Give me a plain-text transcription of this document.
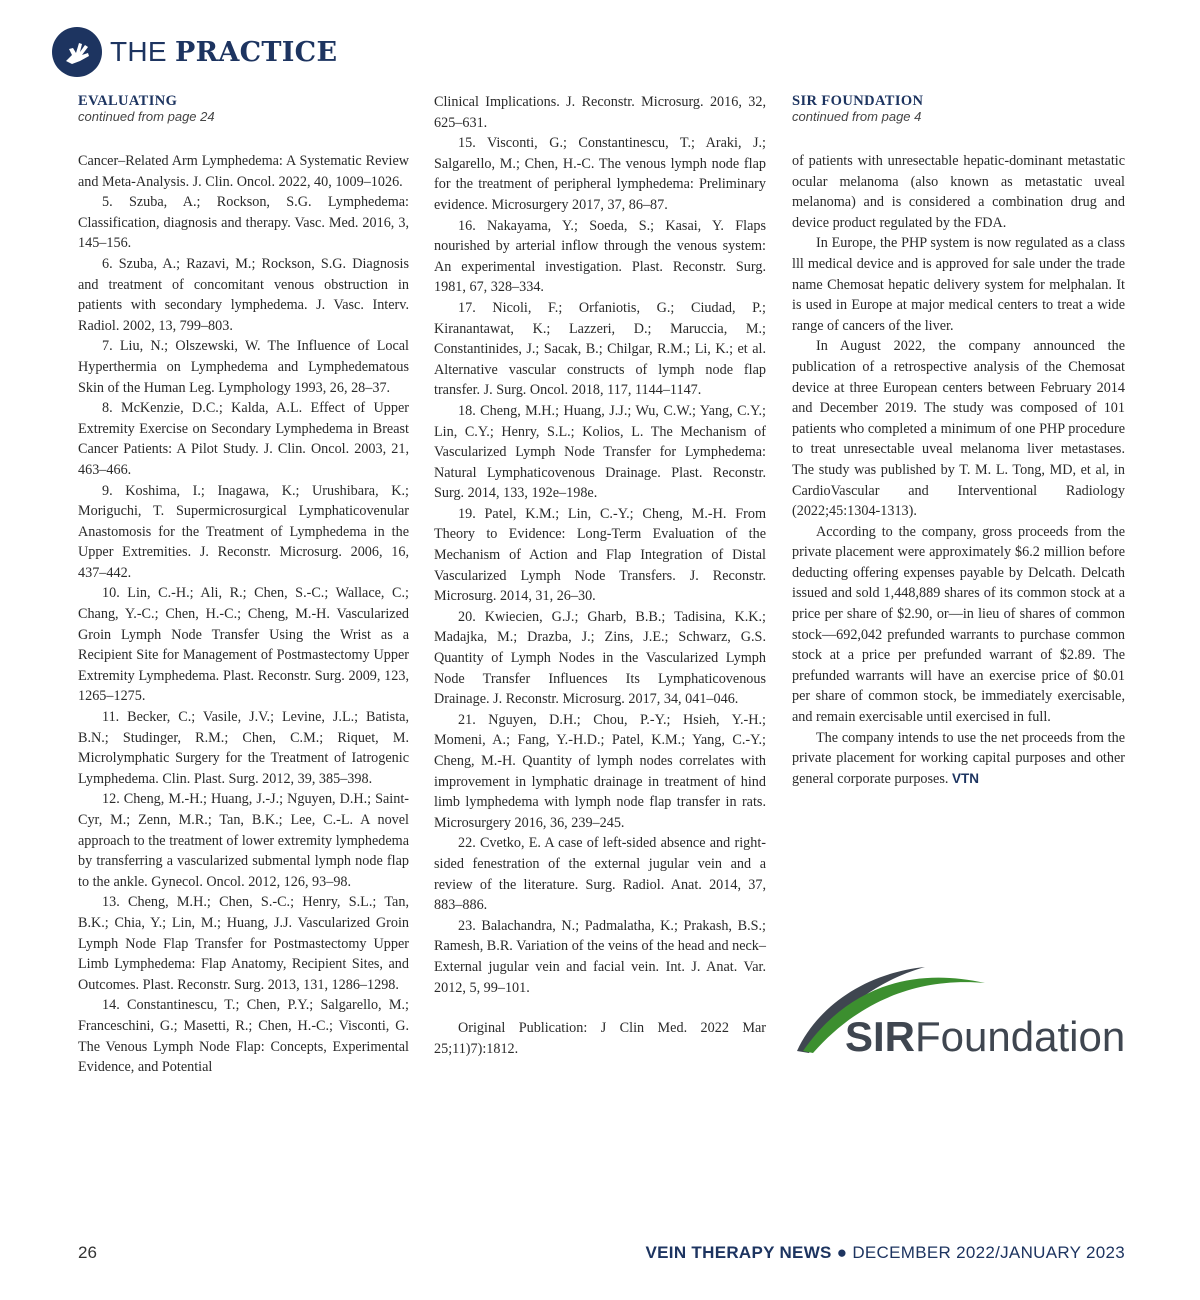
THE PRACTICE
EVALUATING
continued from page 24

Cancer–Related Arm Lymphedema: A Systematic Review and Meta-Analysis. J. Clin. Oncol. 2022, 40, 1009–1026.

5. Szuba, A.; Rockson, S.G. Lymphedema: Classification, diagnosis and therapy. Vasc. Med. 2016, 3, 145–156.

6. Szuba, A.; Razavi, M.; Rockson, S.G. Diagnosis and treatment of concomitant venous obstruction in patients with secondary lymphedema. J. Vasc. Interv. Radiol. 2002, 13, 799–803.

7. Liu, N.; Olszewski, W. The Influence of Local Hyperthermia on Lymphedema and Lymphedematous Skin of the Human Leg. Lymphology 1993, 26, 28–37.

8. McKenzie, D.C.; Kalda, A.L. Effect of Upper Extremity Exercise on Secondary Lymphedema in Breast Cancer Patients: A Pilot Study. J. Clin. Oncol. 2003, 21, 463–466.

9. Koshima, I.; Inagawa, K.; Urushibara, K.; Moriguchi, T. Supermicrosurgical Lymphaticovenular Anastomosis for the Treatment of Lymphedema in the Upper Extremities. J. Reconstr. Microsurg. 2006, 16, 437–442.

10. Lin, C.-H.; Ali, R.; Chen, S.-C.; Wallace, C.; Chang, Y.-C.; Chen, H.-C.; Cheng, M.-H. Vascularized Groin Lymph Node Transfer Using the Wrist as a Recipient Site for Management of Postmastectomy Upper Extremity Lymphedema. Plast. Reconstr. Surg. 2009, 123, 1265–1275.

11. Becker, C.; Vasile, J.V.; Levine, J.L.; Batista, B.N.; Studinger, R.M.; Chen, C.M.; Riquet, M. Microlymphatic Surgery for the Treatment of Iatrogenic Lymphedema. Clin. Plast. Surg. 2012, 39, 385–398.

12. Cheng, M.-H.; Huang, J.-J.; Nguyen, D.H.; Saint-Cyr, M.; Zenn, M.R.; Tan, B.K.; Lee, C.-L. A novel approach to the treatment of lower extremity lymphedema by transferring a vascularized submental lymph node flap to the ankle. Gynecol. Oncol. 2012, 126, 93–98.

13. Cheng, M.H.; Chen, S.-C.; Henry, S.L.; Tan, B.K.; Chia, Y.; Lin, M.; Huang, J.J. Vascularized Groin Lymph Node Flap Transfer for Postmastectomy Upper Limb Lymphedema: Flap Anatomy, Recipient Sites, and Outcomes. Plast. Reconstr. Surg. 2013, 131, 1286–1298.

14. Constantinescu, T.; Chen, P.Y.; Salgarello, M.; Franceschini, G.; Masetti, R.; Chen, H.-C.; Visconti, G. The Venous Lymph Node Flap: Concepts, Experimental Evidence, and Potential

Clinical Implications. J. Reconstr. Microsurg. 2016, 32, 625–631.

15. Visconti, G.; Constantinescu, T.; Araki, J.; Salgarello, M.; Chen, H.-C. The venous lymph node flap for the treatment of peripheral lymphedema: Preliminary evidence. Microsurgery 2017, 37, 86–87.

16. Nakayama, Y.; Soeda, S.; Kasai, Y. Flaps nourished by arterial inflow through the venous system: An experimental investigation. Plast. Reconstr. Surg. 1981, 67, 328–334.

17. Nicoli, F.; Orfaniotis, G.; Ciudad, P.; Kiranantawat, K.; Lazzeri, D.; Maruccia, M.; Constantinides, J.; Sacak, B.; Chilgar, R.M.; Li, K.; et al. Alternative vascular constructs of lymph node flap transfer. J. Surg. Oncol. 2018, 117, 1144–1147.

18. Cheng, M.H.; Huang, J.J.; Wu, C.W.; Yang, C.Y.; Lin, C.Y.; Henry, S.L.; Kolios, L. The Mechanism of Vascularized Lymph Node Transfer for Lymphedema: Natural Lymphaticovenous Drainage. Plast. Reconstr. Surg. 2014, 133, 192e–198e.

19. Patel, K.M.; Lin, C.-Y.; Cheng, M.-H. From Theory to Evidence: Long-Term Evaluation of the Mechanism of Action and Flap Integration of Distal Vascularized Lymph Node Transfers. J. Reconstr. Microsurg. 2014, 31, 26–30.

20. Kwiecien, G.J.; Gharb, B.B.; Tadisina, K.K.; Madajka, M.; Drazba, J.; Zins, J.E.; Schwarz, G.S. Quantity of Lymph Nodes in the Vascularized Lymph Node Transfer Influences Its Lymphaticovenous Drainage. J. Reconstr. Microsurg. 2017, 34, 041–046.

21. Nguyen, D.H.; Chou, P.-Y.; Hsieh, Y.-H.; Momeni, A.; Fang, Y.-H.D.; Patel, K.M.; Yang, C.-Y.; Cheng, M.-H. Quantity of lymph nodes correlates with improvement in lymphatic drainage in treatment of hind limb lymphedema with lymph node flap transfer in rats. Microsurgery 2016, 36, 239–245.

22. Cvetko, E. A case of left-sided absence and right-sided fenestration of the external jugular vein and a review of the literature. Surg. Radiol. Anat. 2014, 37, 883–886.

23. Balachandra, N.; Padmalatha, K.; Prakash, B.S.; Ramesh, B.R. Variation of the veins of the head and neck–External jugular vein and facial vein. Int. J. Anat. Var. 2012, 5, 99–101.

Original Publication: J Clin Med. 2022 Mar 25;11)7):1812.

SIR FOUNDATION
continued from page 4

of patients with unresectable hepatic-dominant metastatic ocular melanoma (also known as metastatic uveal melanoma) and is considered a combination drug and device product regulated by the FDA.

In Europe, the PHP system is now regulated as a class lll medical device and is approved for sale under the trade name Chemosat hepatic delivery system for melphalan. It is used in Europe at major medical centers to treat a wide range of cancers of the liver.

In August 2022, the company announced the publication of a retrospective analysis of the Chemosat device at three European centers between February 2014 and December 2019. The study was composed of 101 patients who completed a minimum of one PHP procedure to treat unresectable uveal melanoma liver metastases. The study was published by T. M. L. Tong, MD, et al, in CardioVascular and Interventional Radiology (2022;45:1304-1313).

According to the company, gross proceeds from the private placement were approximately $6.2 million before deducting offering expenses payable by Delcath. Delcath issued and sold 1,448,889 shares of its common stock at a price per share of $2.90, or—in lieu of shares of common stock—692,042 prefunded warrants to purchase common stock at a price per prefunded warrant of $2.89. The prefunded warrants will have an exercise price of $0.01 per share of common stock, be immediately exercisable, and remain exercisable until exercised in full.

The company intends to use the net proceeds from the private placement for working capital purposes and other general corporate purposes. VTN

SIRFoundation
26	VEIN THERAPY NEWS ● DECEMBER 2022/JANUARY 2023
